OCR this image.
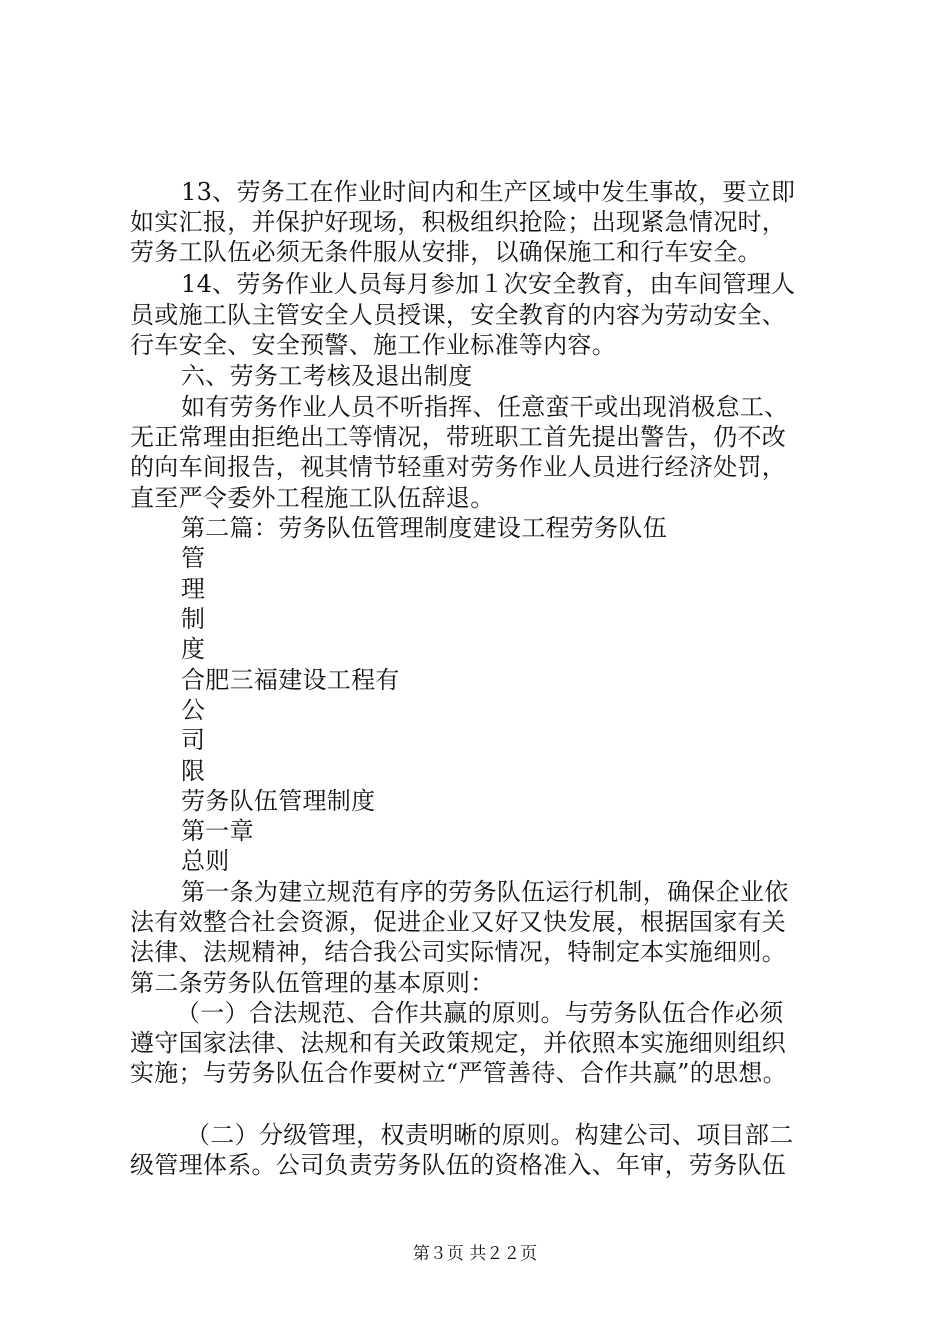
13、劳务工在作业时间内和生产区域中发生事故，要立即
如实汇报，并保护好现场，积极组织抢险；出现紧急情况时，
劳务工队伍必须无条件服从安排，以确保施工和行车安全。
14、劳务作业人员每月参加１次安全教育，由车间管理人
员或施工队主管安全人员授课，安全教育的内容为劳动安全、
行车安全、安全预警、施工作业标准等内容。
六、劳务工考核及退出制度
如有劳务作业人员不听指挥、任意蛮干或出现消极怠工、
无正常理由拒绝出工等情况，带班职工首先提出警告，仍不改
的向车间报告，视其情节轻重对劳务作业人员进行经济处罚，
直至严令委外工程施工队伍辞退。
第二篇：劳务队伍管理制度建设工程劳务队伍
管
理
制
度
合肥三福建设工程有
公
司
限
劳务队伍管理制度
第一章
总则
第一条为建立规范有序的劳务队伍运行机制，确保企业依
法有效整合社会资源，促进企业又好又快发展，根据国家有关
法律、法规精神，结合我公司实际情况，特制定本实施细则。
第二条劳务队伍管理的基本原则：
（一）合法规范、合作共赢的原则。与劳务队伍合作必须
遵守国家法律、法规和有关政策规定，并依照本实施细则组织
实施；与劳务队伍合作要树立“严管善待、合作共赢”的思想。
（二）分级管理，权责明晰的原则。构建公司、项目部二
级管理体系。公司负责劳务队伍的资格准入、年审，劳务队伍
第３页 共２２页
